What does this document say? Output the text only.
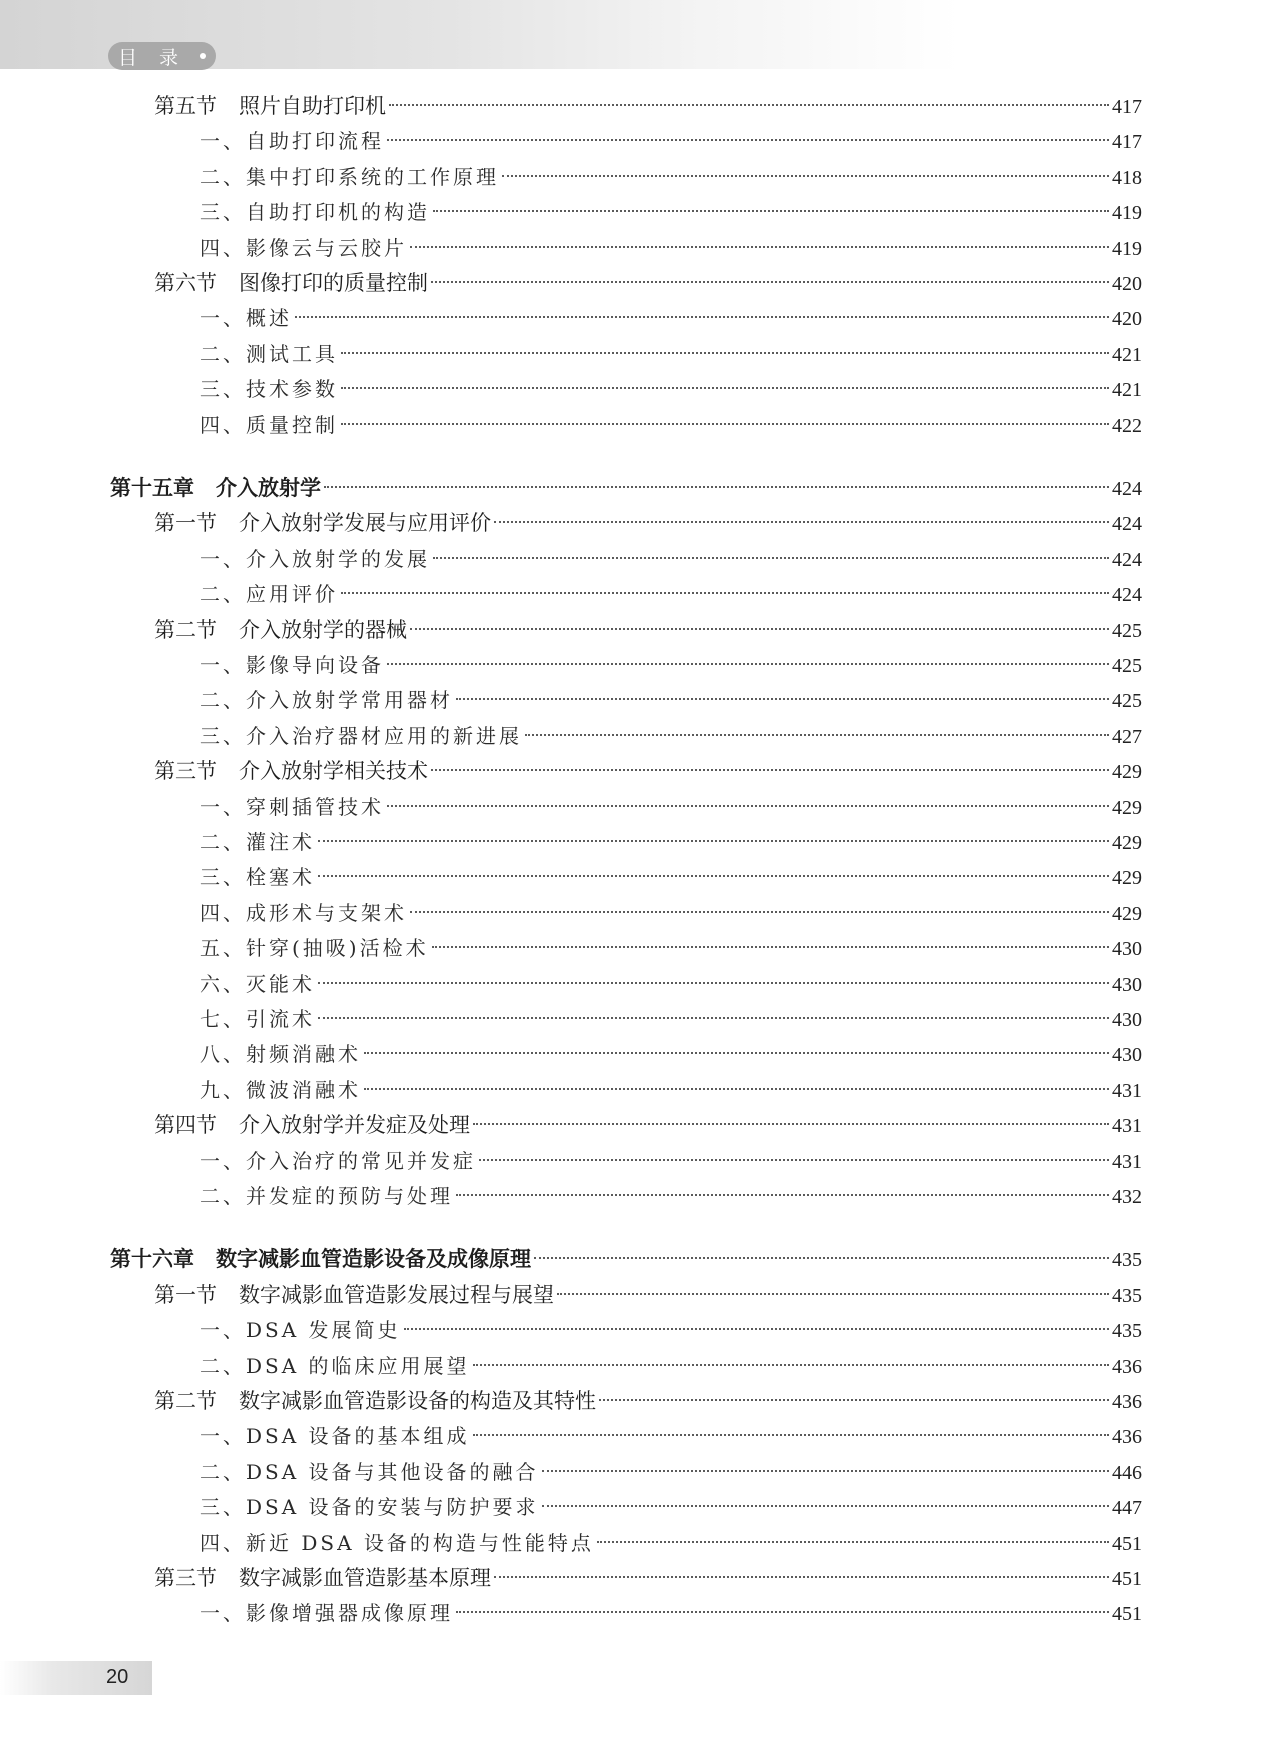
目 录
第五节 照片自助打印机	417
一、自助打印流程	417
二、集中打印系统的工作原理	418
三、自助打印机的构造	419
四、影像云与云胶片	419
第六节 图像打印的质量控制	420
一、概述	420
二、测试工具	421
三、技术参数	421
四、质量控制	422
第十五章 介入放射学	424
第一节 介入放射学发展与应用评价	424
一、介入放射学的发展	424
二、应用评价	424
第二节 介入放射学的器械	425
一、影像导向设备	425
二、介入放射学常用器材	425
三、介入治疗器材应用的新进展	427
第三节 介入放射学相关技术	429
一、穿刺插管技术	429
二、灌注术	429
三、栓塞术	429
四、成形术与支架术	429
五、针穿(抽吸)活检术	430
六、灭能术	430
七、引流术	430
八、射频消融术	430
九、微波消融术	431
第四节 介入放射学并发症及处理	431
一、介入治疗的常见并发症	431
二、并发症的预防与处理	432
第十六章 数字减影血管造影设备及成像原理	435
第一节 数字减影血管造影发展过程与展望	435
一、DSA 发展简史	435
二、DSA 的临床应用展望	436
第二节 数字减影血管造影设备的构造及其特性	436
一、DSA 设备的基本组成	436
二、DSA 设备与其他设备的融合	446
三、DSA 设备的安装与防护要求	447
四、新近 DSA 设备的构造与性能特点	451
第三节 数字减影血管造影基本原理	451
一、影像增强器成像原理	451
20
